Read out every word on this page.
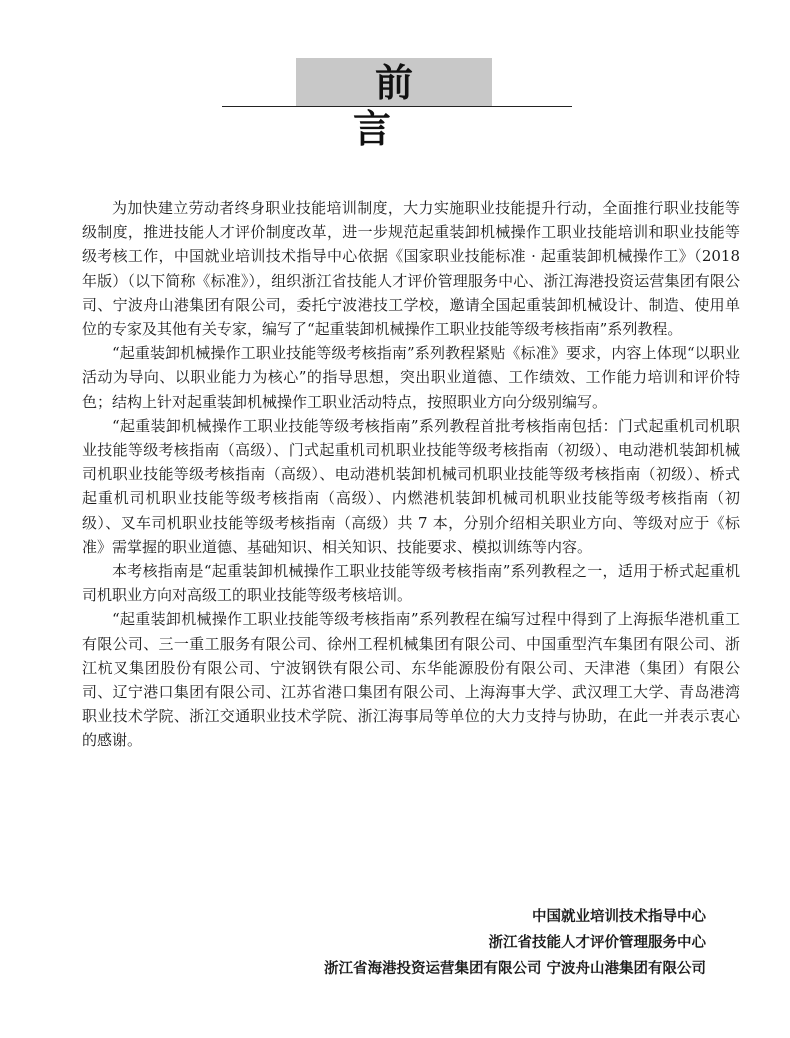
前 言

为加快建立劳动者终身职业技能培训制度，大力实施职业技能提升行动，全面推行职业技能等级制度，推进技能人才评价制度改革，进一步规范起重装卸机械操作工职业技能培训和职业技能等级考核工作，中国就业培训技术指导中心依据《国家职业技能标准 · 起重装卸机械操作工》（2018 年版）（以下简称《标准》），组织浙江省技能人才评价管理服务中心、浙江海港投资运营集团有限公司、宁波舟山港集团有限公司，委托宁波港技工学校，邀请全国起重装卸机械设计、制造、使用单位的专家及其他有关专家，编写了“起重装卸机械操作工职业技能等级考核指南”系列教程。

“起重装卸机械操作工职业技能等级考核指南”系列教程紧贴《标准》要求，内容上体现“以职业活动为导向、以职业能力为核心”的指导思想，突出职业道德、工作绩效、工作能力培训和评价特色；结构上针对起重装卸机械操作工职业活动特点，按照职业方向分级别编写。

“起重装卸机械操作工职业技能等级考核指南”系列教程首批考核指南包括：门式起重机司机职业技能等级考核指南（高级）、门式起重机司机职业技能等级考核指南（初级）、电动港机装卸机械司机职业技能等级考核指南（高级）、电动港机装卸机械司机职业技能等级考核指南（初级）、桥式起重机司机职业技能等级考核指南（高级）、内燃港机装卸机械司机职业技能等级考核指南（初级）、叉车司机职业技能等级考核指南（高级）共 7 本，分别介绍相关职业方向、等级对应于《标准》需掌握的职业道德、基础知识、相关知识、技能要求、模拟训练等内容。

本考核指南是“起重装卸机械操作工职业技能等级考核指南”系列教程之一，适用于桥式起重机司机职业方向对高级工的职业技能等级考核培训。

“起重装卸机械操作工职业技能等级考核指南”系列教程在编写过程中得到了上海振华港机重工有限公司、三一重工服务有限公司、徐州工程机械集团有限公司、中国重型汽车集团有限公司、浙江杭叉集团股份有限公司、宁波钢铁有限公司、东华能源股份有限公司、天津港（集团）有限公司、辽宁港口集团有限公司、江苏省港口集团有限公司、上海海事大学、武汉理工大学、青岛港湾职业技术学院、浙江交通职业技术学院、浙江海事局等单位的大力支持与协助，在此一并表示衷心的感谢。

中国就业培训技术指导中心
浙江省技能人才评价管理服务中心
浙江省海港投资运营集团有限公司 宁波舟山港集团有限公司
